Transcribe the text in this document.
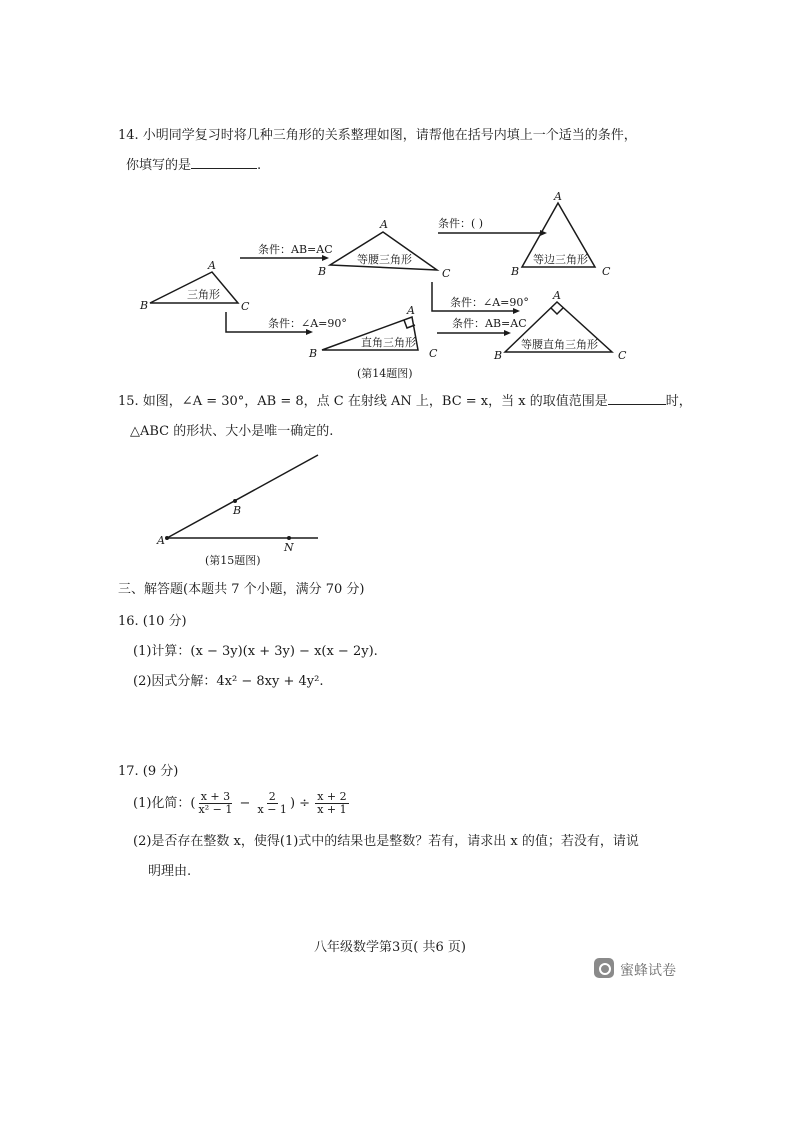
14. 小明同学复习时将几种三角形的关系整理如图，请帮他在括号内填上一个适当的条件，
你填写的是	.
条件：AB=AC
条件：∠A=90°
条件：( )
条件：∠A=90°
条件：AB=AC
三角形
等腰三角形	等边三角形
直角三角形	等腰直角三角形
A
B	C
A
B	C
A
B	C
A
B	C
A
B	C
(第14题图)
15. 如图，∠A = 30°，AB = 8，点 C 在射线 AN 上，BC = x，当 x 的取值范围是	时，
△ABC 的形状、大小是唯一确定的.
A
B
N
(第15题图)
三、解答题(本题共 7 个小题，满分 70 分)
16. (10 分)
(1)计算：(x − 3y)(x + 3y) − x(x − 2y).
(2)因式分解：4x² − 8xy + 4y².
17. (9 分)
(1)化简：( $\frac{x + 3}{\text{x² − 1}} - \frac{2}{x - 1}$ ) ÷ $\frac{x + 2}{x + 1}$
(2)是否存在整数 x，使得(1)式中的结果也是整数？若有，请求出 x 的值；若没有，请说
明理由.
八年级数学第3页( 共6 页)
蜜蜂试卷
